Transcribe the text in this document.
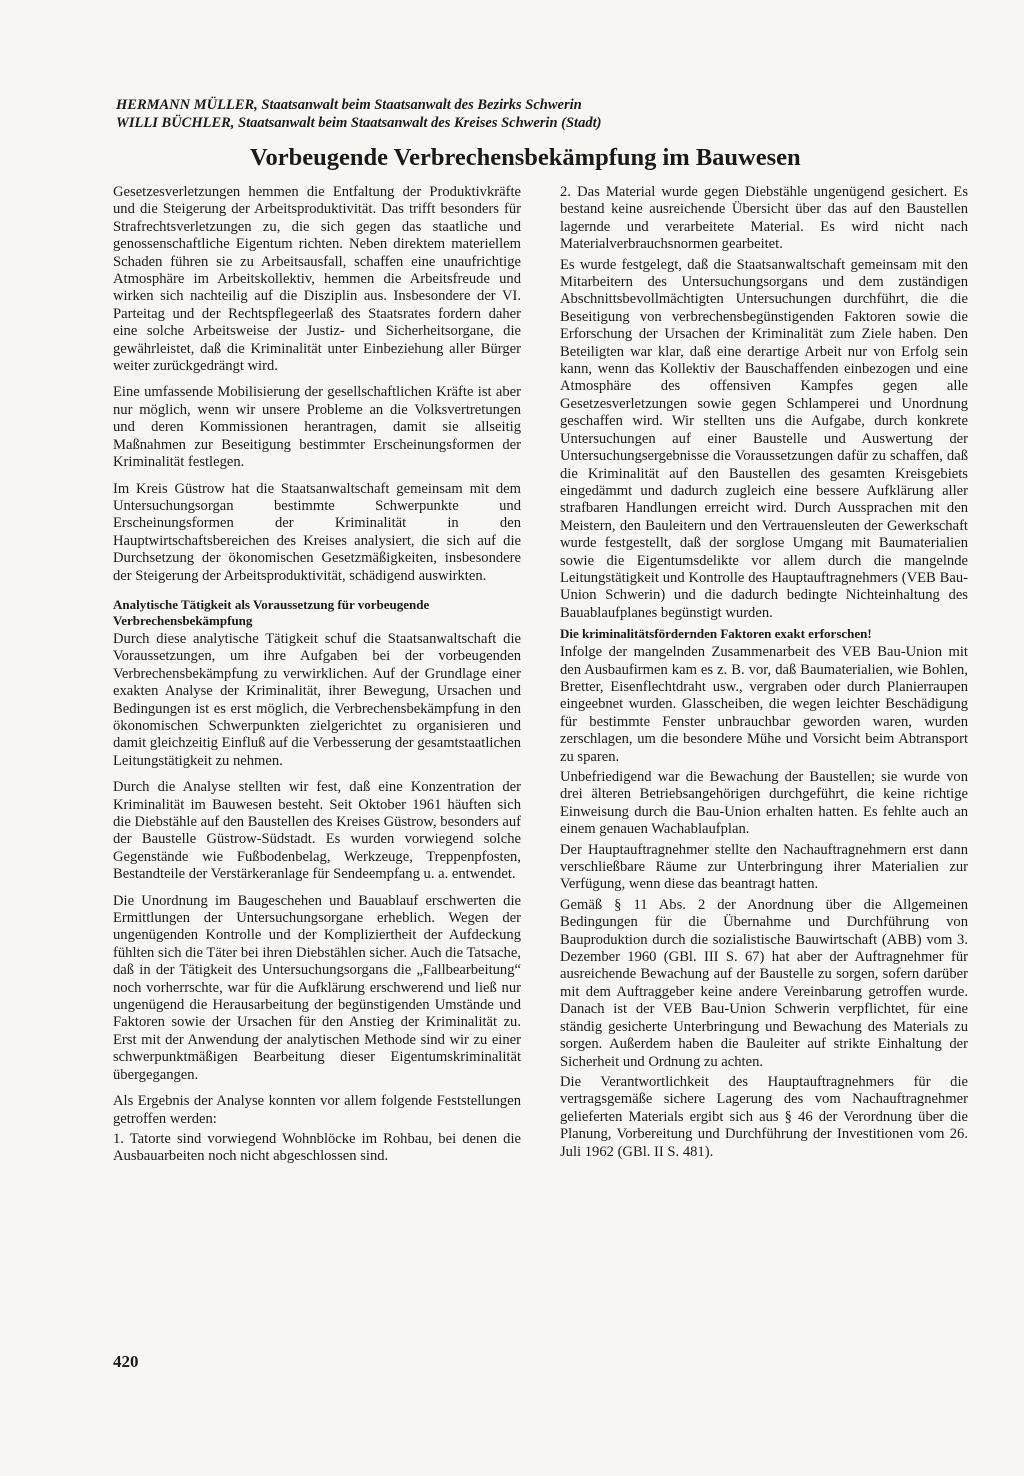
HERMANN MÜLLER, Staatsanwalt beim Staatsanwalt des Bezirks Schwerin
WILLI BÜCHLER, Staatsanwalt beim Staatsanwalt des Kreises Schwerin (Stadt)
Vorbeugende Verbrechensbekämpfung im Bauwesen

Gesetzesverletzungen hemmen die Entfaltung der Produktivkräfte und die Steigerung der Arbeitsproduktivität. Das trifft besonders für Strafrechtsverletzungen zu, die sich gegen das staatliche und genossenschaftliche Eigentum richten. Neben direktem materiellem Schaden führen sie zu Arbeitsausfall, schaffen eine unaufrichtige Atmosphäre im Arbeitskollektiv, hemmen die Arbeitsfreude und wirken sich nachteilig auf die Disziplin aus. Insbesondere der VI. Parteitag und der Rechtspflegeerlaß des Staatsrates fordern daher eine solche Arbeitsweise der Justiz- und Sicherheitsorgane, die gewährleistet, daß die Kriminalität unter Einbeziehung aller Bürger weiter zurückgedrängt wird.

Eine umfassende Mobilisierung der gesellschaftlichen Kräfte ist aber nur möglich, wenn wir unsere Probleme an die Volksvertretungen und deren Kommissionen herantragen, damit sie allseitig Maßnahmen zur Beseitigung bestimmter Erscheinungsformen der Kriminalität festlegen.

Im Kreis Güstrow hat die Staatsanwaltschaft gemeinsam mit dem Untersuchungsorgan bestimmte Schwerpunkte und Erscheinungsformen der Kriminalität in den Hauptwirtschaftsbereichen des Kreises analysiert, die sich auf die Durchsetzung der ökonomischen Gesetzmäßigkeiten, insbesondere der Steigerung der Arbeitsproduktivität, schädigend auswirkten.

Analytische Tätigkeit als Voraussetzung für vorbeugende Verbrechensbekämpfung

Durch diese analytische Tätigkeit schuf die Staatsanwaltschaft die Voraussetzungen, um ihre Aufgaben bei der vorbeugenden Verbrechensbekämpfung zu verwirklichen. Auf der Grundlage einer exakten Analyse der Kriminalität, ihrer Bewegung, Ursachen und Bedingungen ist es erst möglich, die Verbrechensbekämpfung in den ökonomischen Schwerpunkten zielgerichtet zu organisieren und damit gleichzeitig Einfluß auf die Verbesserung der gesamtstaatlichen Leitungstätigkeit zu nehmen.

Durch die Analyse stellten wir fest, daß eine Konzentration der Kriminalität im Bauwesen besteht. Seit Oktober 1961 häuften sich die Diebstähle auf den Baustellen des Kreises Güstrow, besonders auf der Baustelle Güstrow-Südstadt. Es wurden vorwiegend solche Gegenstände wie Fußbodenbelag, Werkzeuge, Treppenpfosten, Bestandteile der Verstärkeranlage für Sendeempfang u. a. entwendet.

Die Unordnung im Baugeschehen und Bauablauf erschwerten die Ermittlungen der Untersuchungsorgane erheblich. Wegen der ungenügenden Kontrolle und der Kompliziertheit der Aufdeckung fühlten sich die Täter bei ihren Diebstählen sicher. Auch die Tatsache, daß in der Tätigkeit des Untersuchungsorgans die „Fallbearbeitung“ noch vorherrschte, war für die Aufklärung erschwerend und ließ nur ungenügend die Herausarbeitung der begünstigenden Umstände und Faktoren sowie der Ursachen für den Anstieg der Kriminalität zu. Erst mit der Anwendung der analytischen Methode sind wir zu einer schwerpunktmäßigen Bearbeitung dieser Eigentumskriminalität übergegangen.

Als Ergebnis der Analyse konnten vor allem folgende Feststellungen getroffen werden:

1. Tatorte sind vorwiegend Wohnblöcke im Rohbau, bei denen die Ausbauarbeiten noch nicht abgeschlossen sind.

2. Das Material wurde gegen Diebstähle ungenügend gesichert. Es bestand keine ausreichende Übersicht über das auf den Baustellen lagernde und verarbeitete Material. Es wird nicht nach Materialverbrauchsnormen gearbeitet.

Es wurde festgelegt, daß die Staatsanwaltschaft gemeinsam mit den Mitarbeitern des Untersuchungsorgans und dem zuständigen Abschnittsbevollmächtigten Untersuchungen durchführt, die die Beseitigung von verbrechensbegünstigenden Faktoren sowie die Erforschung der Ursachen der Kriminalität zum Ziele haben. Den Beteiligten war klar, daß eine derartige Arbeit nur von Erfolg sein kann, wenn das Kollektiv der Bauschaffenden einbezogen und eine Atmosphäre des offensiven Kampfes gegen alle Gesetzesverletzungen sowie gegen Schlamperei und Unordnung geschaffen wird. Wir stellten uns die Aufgabe, durch konkrete Untersuchungen auf einer Baustelle und Auswertung der Untersuchungsergebnisse die Voraussetzungen dafür zu schaffen, daß die Kriminalität auf den Baustellen des gesamten Kreisgebiets eingedämmt und dadurch zugleich eine bessere Aufklärung aller strafbaren Handlungen erreicht wird. Durch Aussprachen mit den Meistern, den Bauleitern und den Vertrauensleuten der Gewerkschaft wurde festgestellt, daß der sorglose Umgang mit Baumaterialien sowie die Eigentumsdelikte vor allem durch die mangelnde Leitungstätigkeit und Kontrolle des Hauptauftragnehmers (VEB Bau-Union Schwerin) und die dadurch bedingte Nichteinhaltung des Bauablaufplanes begünstigt wurden.

Die kriminalitätsfördernden Faktoren exakt erforschen!

Infolge der mangelnden Zusammenarbeit des VEB Bau-Union mit den Ausbaufirmen kam es z. B. vor, daß Baumaterialien, wie Bohlen, Bretter, Eisenflechtdraht usw., vergraben oder durch Planierraupen eingeebnet wurden. Glasscheiben, die wegen leichter Beschädigung für bestimmte Fenster unbrauchbar geworden waren, wurden zerschlagen, um die besondere Mühe und Vorsicht beim Abtransport zu sparen.

Unbefriedigend war die Bewachung der Baustellen; sie wurde von drei älteren Betriebsangehörigen durchgeführt, die keine richtige Einweisung durch die Bau-Union erhalten hatten. Es fehlte auch an einem genauen Wachablaufplan.

Der Hauptauftragnehmer stellte den Nachauftragnehmern erst dann verschließbare Räume zur Unterbringung ihrer Materialien zur Verfügung, wenn diese das beantragt hatten.

Gemäß § 11 Abs. 2 der Anordnung über die Allgemeinen Bedingungen für die Übernahme und Durchführung von Bauproduktion durch die sozialistische Bauwirtschaft (ABB) vom 3. Dezember 1960 (GBl. III S. 67) hat aber der Auftragnehmer für ausreichende Bewachung auf der Baustelle zu sorgen, sofern darüber mit dem Auftraggeber keine andere Vereinbarung getroffen wurde. Danach ist der VEB Bau-Union Schwerin verpflichtet, für eine ständig gesicherte Unterbringung und Bewachung des Materials zu sorgen. Außerdem haben die Bauleiter auf strikte Einhaltung der Sicherheit und Ordnung zu achten.

Die Verantwortlichkeit des Hauptauftragnehmers für die vertragsgemäße sichere Lagerung des vom Nachauftragnehmer gelieferten Materials ergibt sich aus § 46 der Verordnung über die Planung, Vorbereitung und Durchführung der Investitionen vom 26. Juli 1962 (GBl. II S. 481).

420
